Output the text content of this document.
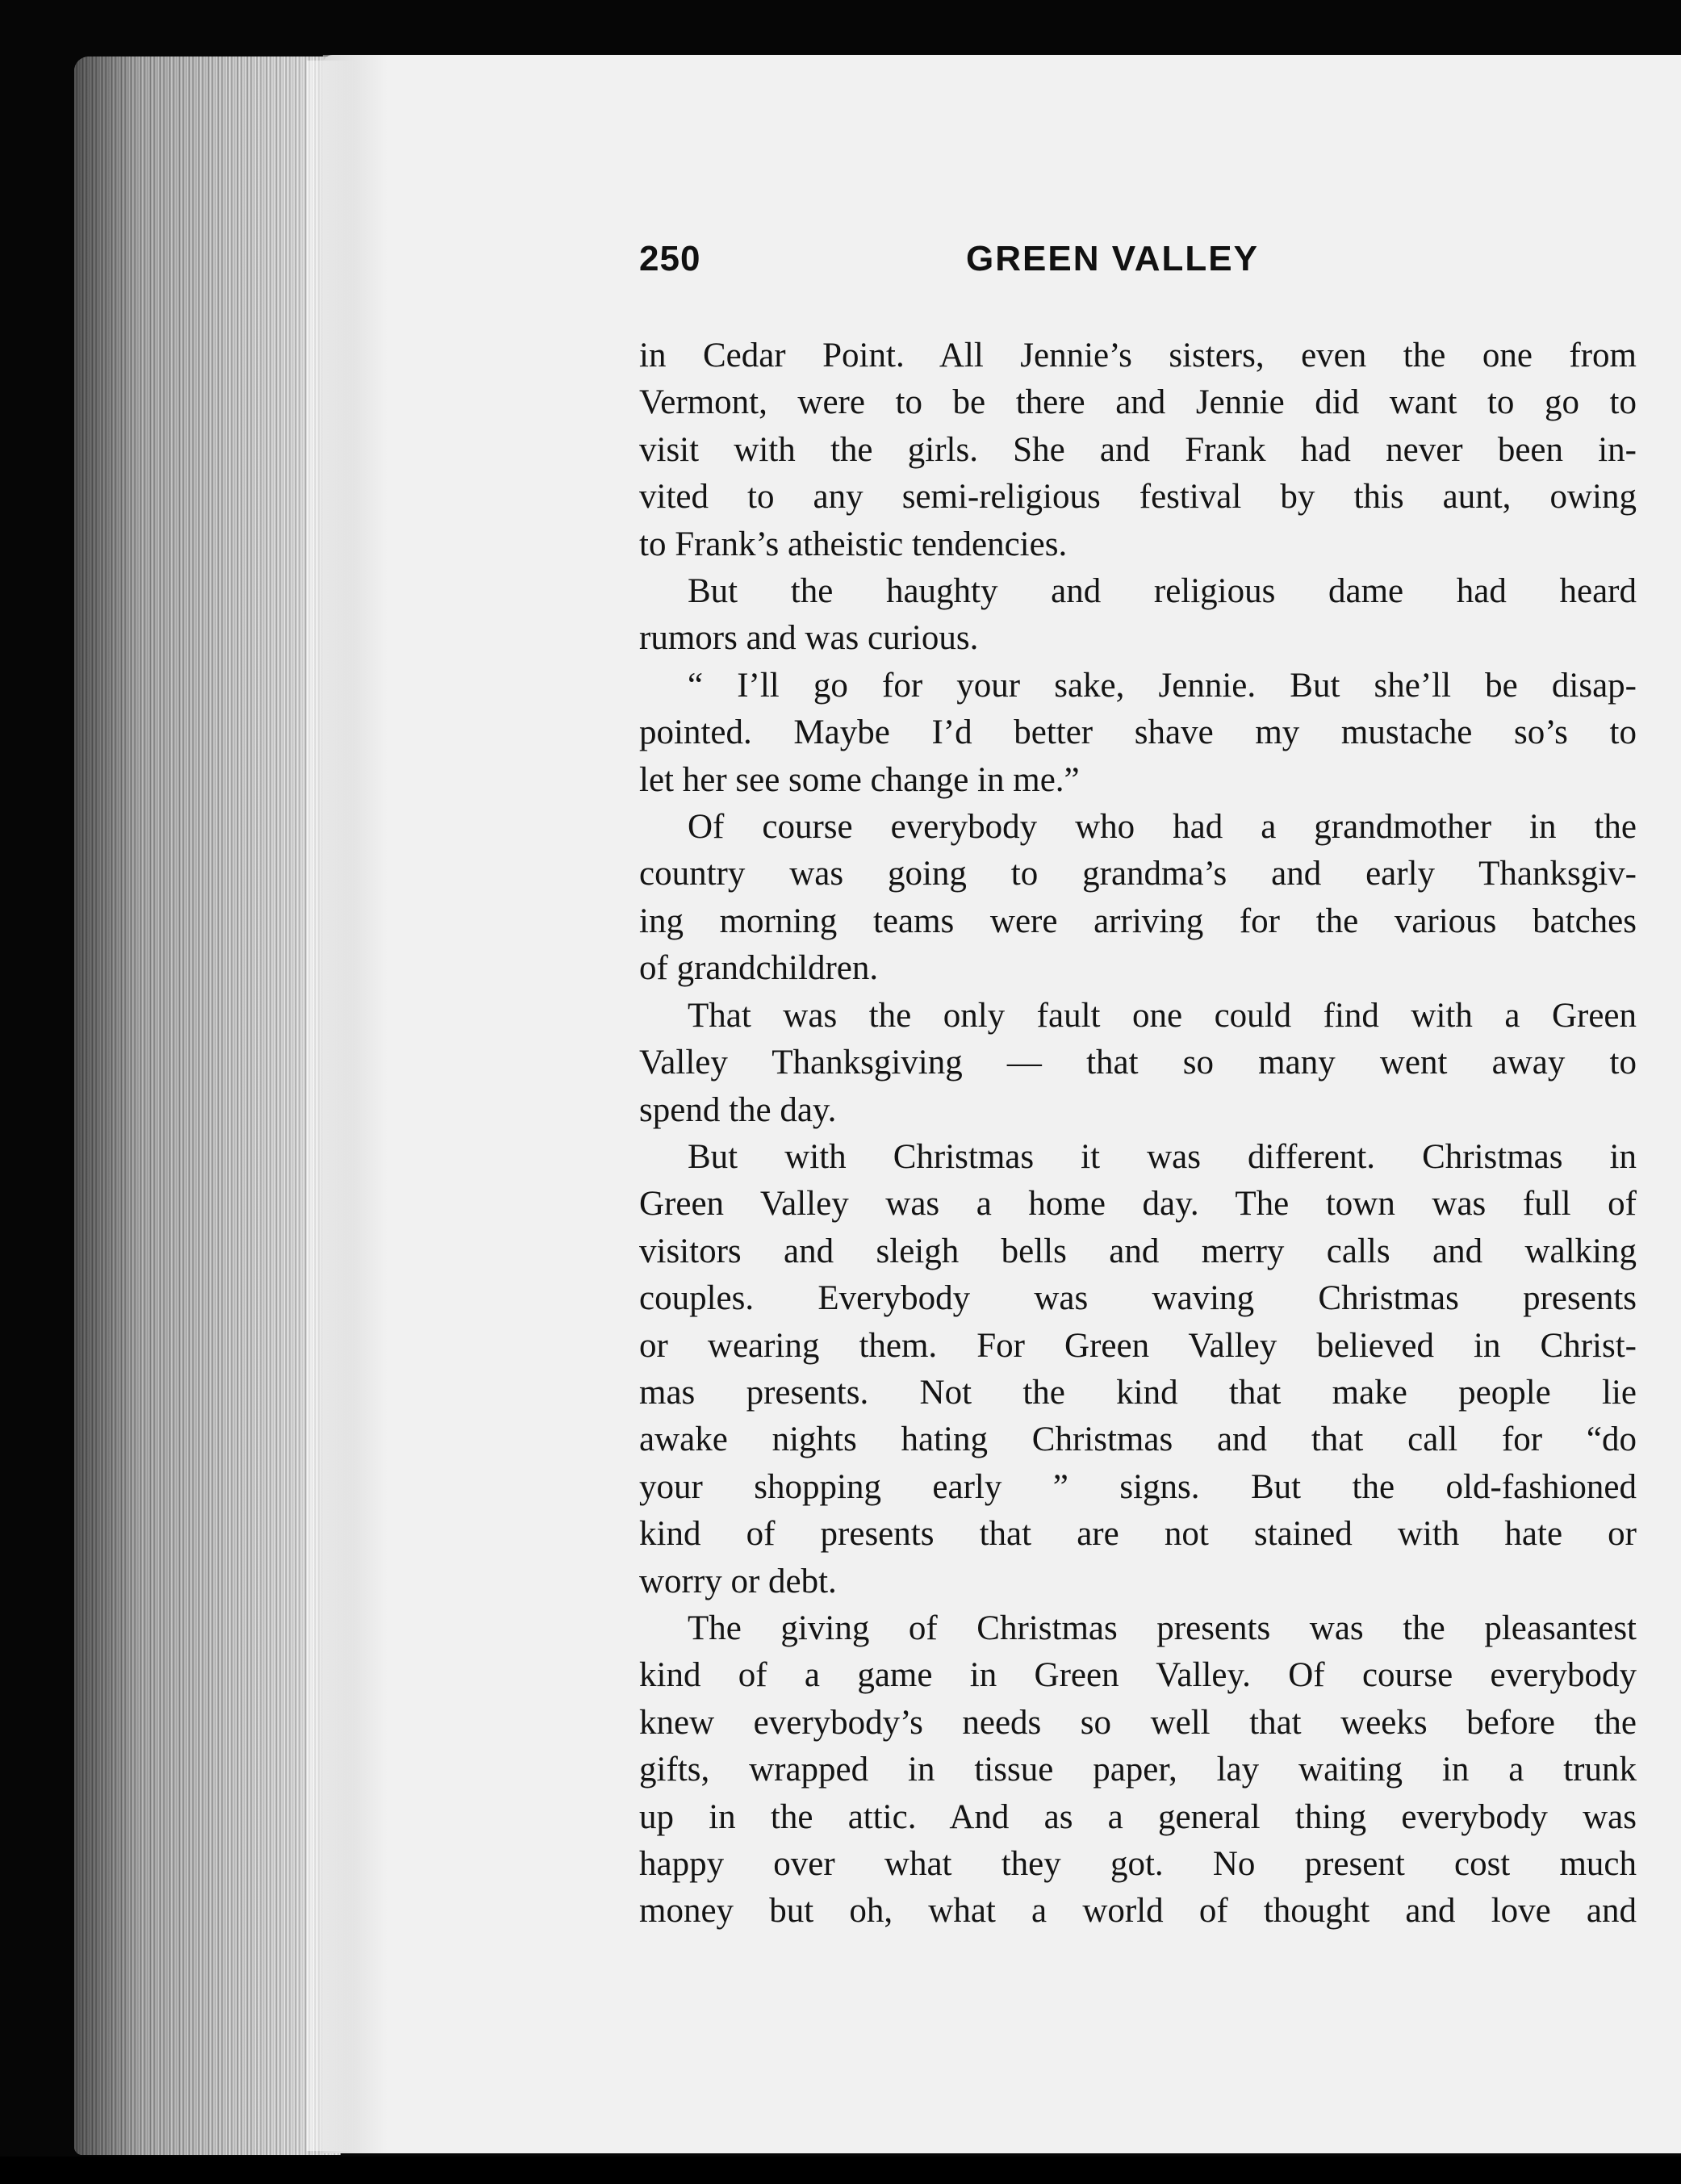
250	GREEN VALLEY

in Cedar Point. All Jennie’s sisters, even the one from
Vermont, were to be there and Jennie did want to go to
visit with the girls. She and Frank had never been in-
vited to any semi-religious festival by this aunt, owing
to Frank’s atheistic tendencies.

But the haughty and religious dame had heard
rumors and was curious.

“ I’ll go for your sake, Jennie. But she’ll be disap-
pointed. Maybe I’d better shave my mustache so’s to
let her see some change in me.”

Of course everybody who had a grandmother in the
country was going to grandma’s and early Thanksgiv-
ing morning teams were arriving for the various batches
of grandchildren.

That was the only fault one could find with a Green
Valley Thanksgiving — that so many went away to
spend the day.

But with Christmas it was different. Christmas in
Green Valley was a home day. The town was full of
visitors and sleigh bells and merry calls and walking
couples. Everybody was waving Christmas presents
or wearing them. For Green Valley believed in Christ-
mas presents. Not the kind that make people lie
awake nights hating Christmas and that call for “do
your shopping early ” signs. But the old-fashioned
kind of presents that are not stained with hate or
worry or debt.

The giving of Christmas presents was the pleasantest
kind of a game in Green Valley. Of course everybody
knew everybody’s needs so well that weeks before the
gifts, wrapped in tissue paper, lay waiting in a trunk
up in the attic. And as a general thing everybody was
happy over what they got. No present cost much
money but oh, what a world of thought and love and
